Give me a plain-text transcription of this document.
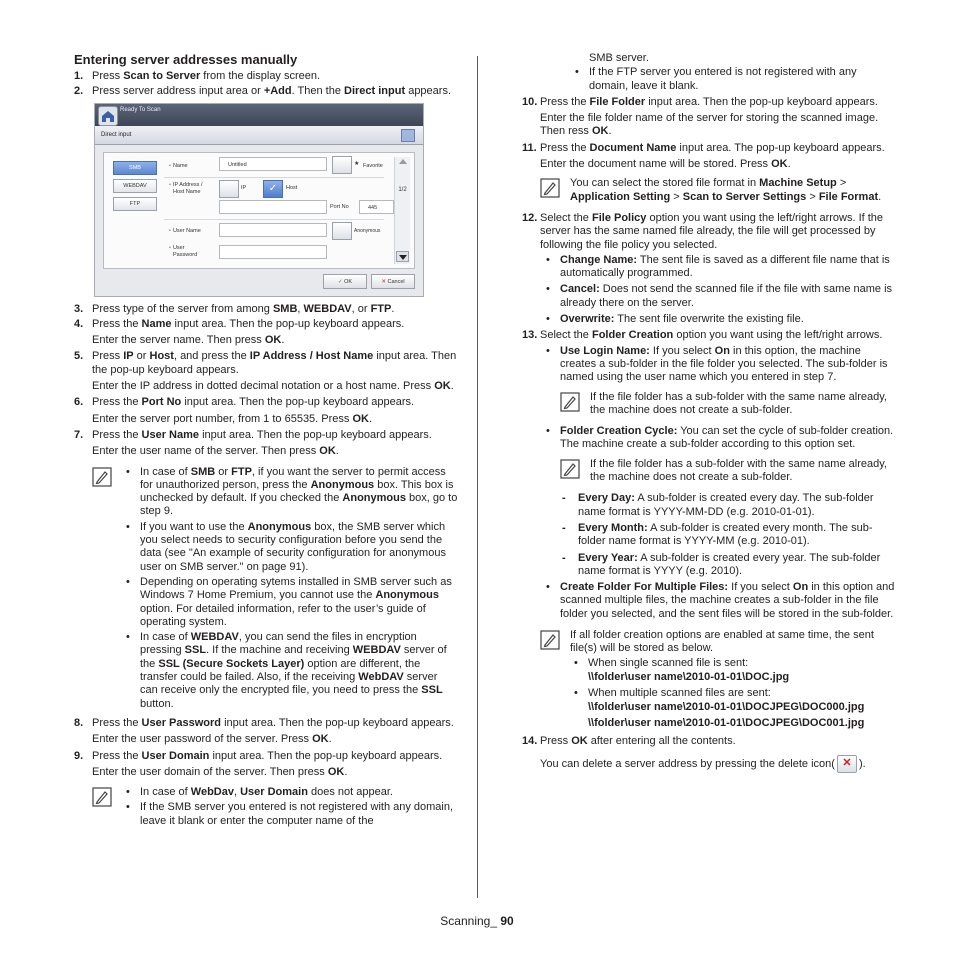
Entering server addresses manually
1. Press Scan to Server from the display screen.
2. Press server address input area or +Add. Then the Direct input appears.
Ready To Scan
Direct input
SMB
WEBDAV
FTP
• Name	Untitled	★ Favorite
• IP Address /
Host Name
IP	✓	Host
Port No	445
• User Name	Anonymous
• User
Password
1/2
✓ OK	✕ Cancel
3. Press type of the server from among SMB, WEBDAV, or FTP.
4. Press the Name input area. Then the pop-up keyboard appears.
Enter the server name. Then press OK.
5. Press IP or Host, and press the IP Address / Host Name input area. Then the pop-up keyboard appears.
Enter the IP address in dotted decimal notation or a host name. Press OK.
6. Press the Port No input area. Then the pop-up keyboard appears.
Enter the server port number, from 1 to 65535. Press OK.
7. Press the User Name input area. Then the pop-up keyboard appears.
Enter the user name of the server. Then press OK.
• In case of SMB or FTP, if you want the server to permit access for unauthorized person, press the Anonymous box. This box is unchecked by default. If you checked the Anonymous box, go to step 9.
• If you want to use the Anonymous box, the SMB server which you select needs to security configuration before you send the data (see "An example of security configuration for anonymous user on SMB server." on page 91).
• Depending on operating sytems installed in SMB server such as Windows 7 Home Premium, you cannot use the Anonymous option. For detailed information, refer to the user’s guide of operating system.
• In case of WEBDAV, you can send the files in encryption pressing SSL. If the machine and receiving WEBDAV server of the SSL (Secure Sockets Layer) option are different, the transfer could be failed. Also, if the receiving WebDAV server can receive only the encrypted file, you need to press the SSL button.
8. Press the User Password input area. Then the pop-up keyboard appears.
Enter the user password of the server. Press OK.
9. Press the User Domain input area. Then the pop-up keyboard appears.
Enter the user domain of the server. Then press OK.
• In case of WebDav, User Domain does not appear.
• If the SMB server you entered is not registered with any domain, leave it blank or enter the computer name of the
SMB server.
• If the FTP server you entered is not registered with any domain, leave it blank.
10. Press the File Folder input area. Then the pop-up keyboard appears.
Enter the file folder name of the server for storing the scanned image. Then ress OK.
11. Press the Document Name input area. The pop-up keyboard appears.
Enter the document name will be stored. Press OK.
You can select the stored file format in Machine Setup > Application Setting > Scan to Server Settings > File Format.
12. Select the File Policy option you want using the left/right arrows. If the server has the same named file already, the file will get processed by following the file policy you selected.
• Change Name: The sent file is saved as a different file name that is automatically programmed.
• Cancel: Does not send the scanned file if the file with same name is already there on the server.
• Overwrite: The sent file overwrite the existing file.
13. Select the Folder Creation option you want using the left/right arrows.
• Use Login Name: If you select On in this option, the machine creates a sub-folder in the file folder you selected. The sub-folder is named using the user name which you entered in step 7.
If the file folder has a sub-folder with the same name already, the machine does not create a sub-folder.
• Folder Creation Cycle: You can set the cycle of sub-folder creation. The machine create a sub-folder according to this option set.
If the file folder has a sub-folder with the same name already, the machine does not create a sub-folder.
- Every Day: A sub-folder is created every day. The sub-folder name format is YYYY-MM-DD (e.g. 2010-01-01).
- Every Month: A sub-folder is created every month. The sub-folder name format is YYYY-MM (e.g. 2010-01).
- Every Year: A sub-folder is created every year. The sub-folder name format is YYYY (e.g. 2010).
• Create Folder For Multiple Files: If you select On in this option and scanned multiple files, the machine creates a sub-folder in the file folder you selected, and the sent files will be stored in the sub-folder.
If all folder creation options are enabled at same time, the sent file(s) will be stored as below.
• When single scanned file is sent:
\\folder\user name\2010-01-01\DOC.jpg
• When multiple scanned files are sent:
\\folder\user name\2010-01-01\DOCJPEG\DOC000.jpg
\\folder\user name\2010-01-01\DOCJPEG\DOC001.jpg
14. Press OK after entering all the contents.
You can delete a server address by pressing the delete icon( ✕ ).
Scanning_ 90
